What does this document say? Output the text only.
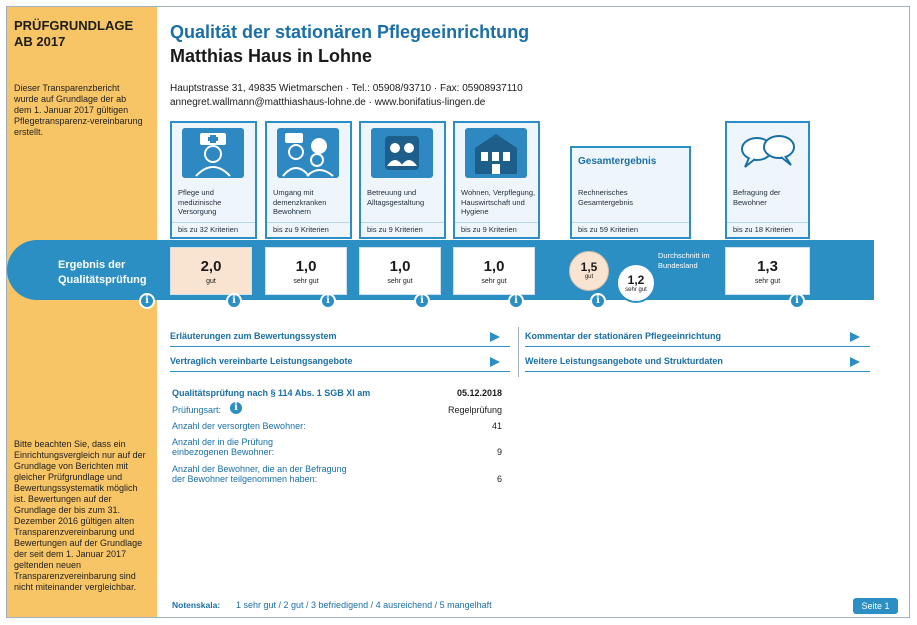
PRÜFGRUNDLAGE
AB 2017
Dieser Transparenzbericht wurde auf Grundlage der ab dem 1. Januar 2017 gültigen Pflegetransparenz-vereinbarung erstellt.
Bitte beachten Sie, dass ein Einrichtungsvergleich nur auf der Grundlage von Berichten mit gleicher Prüfgrundlage und Bewertungssystematik möglich ist. Bewertungen auf der Grundlage der bis zum 31. Dezember 2016 gültigen alten Transparenzvereinbarung und Bewertungen auf der Grundlage der seit dem 1. Januar 2017 geltenden neuen Transparenzvereinbarung sind nicht miteinander vergleichbar.
Qualität der stationären Pflegeeinrichtung
Matthias Haus in Lohne
Hauptstrasse 31, 49835 Wietmarschen · Tel.: 05908/93710 · Fax: 05908937110
annegret.wallmann@matthiashaus-lohne.de · www.bonifatius-lingen.de
Pflege und medizinische Versorgung
bis zu 32 Kriterien
Umgang mit demenzkranken Bewohnern
bis zu 9 Kriterien
Betreuung und Alltagsgestaltung
bis zu 9 Kriterien
Wohnen, Verpflegung, Hauswirtschaft und Hygiene
bis zu 9 Kriterien
Gesamtergebnis
Rechnerisches Gesamtergebnis
bis zu 59 Kriterien
Befragung der Bewohner
bis zu 18 Kriterien
Ergebnis der Qualitätsprüfung
2,0
gut
1,0
sehr gut
1,0
sehr gut
1,0
sehr gut
1,5
gut	1,2
sehr gut
Durchschnitt im Bundesland	1,3
sehr gut
i	i	i	i	i	i	i
Erläuterungen zum Bewertungssystem	Kommentar der stationären Pflegeeinrichtung
Vertraglich vereinbarte Leistungsangebote	Weitere Leistungsangebote und Strukturdaten
Qualitätsprüfung nach § 114 Abs. 1 SGB XI am	05.12.2018
Prüfungsart:	i	Regelprüfung
Anzahl der versorgten Bewohner:	41
Anzahl der in die Prüfung
einbezogenen Bewohner:	9
Anzahl der Bewohner, die an der Befragung
der Bewohner teilgenommen haben:	6
Notenskala: 1 sehr gut / 2 gut / 3 befriedigend / 4 ausreichend / 5 mangelhaft	Seite 1
